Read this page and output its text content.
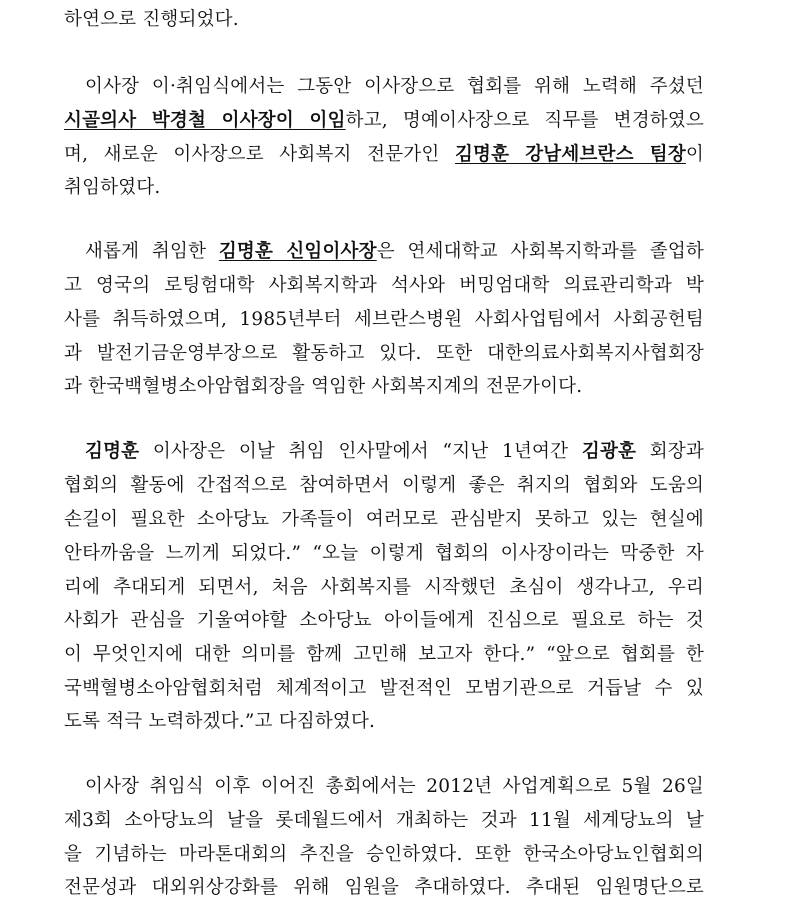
하연으로 진행되었다.
이사장 이·취임식에서는 그동안 이사장으로 협회를 위해 노력해 주셨던
시골의사 박경철 이사장이 이임하고, 명예이사장으로 직무를 변경하였으
며, 새로운 이사장으로 사회복지 전문가인 김명훈 강남세브란스 팀장이
취임하였다.
새롭게 취임한 김명훈 신임이사장은 연세대학교 사회복지학과를 졸업하
고 영국의 로팅험대학 사회복지학과 석사와 버밍엄대학 의료관리학과 박
사를 취득하였으며, 1985년부터 세브란스병원 사회사업팀에서 사회공헌팀
과 발전기금운영부장으로 활동하고 있다. 또한 대한의료사회복지사협회장
과 한국백혈병소아암협회장을 역임한 사회복지계의 전문가이다.
김명훈 이사장은 이날 취임 인사말에서 “지난 1년여간 김광훈 회장과
협회의 활동에 간접적으로 참여하면서 이렇게 좋은 취지의 협회와 도움의
손길이 필요한 소아당뇨 가족들이 여러모로 관심받지 못하고 있는 현실에
안타까움을 느끼게 되었다.” “오늘 이렇게 협회의 이사장이라는 막중한 자
리에 추대되게 되면서, 처음 사회복지를 시작했던 초심이 생각나고, 우리
사회가 관심을 기울여야할 소아당뇨 아이들에게 진심으로 필요로 하는 것
이 무엇인지에 대한 의미를 함께 고민해 보고자 한다.” “앞으로 협회를 한
국백혈병소아암협회처럼 체계적이고 발전적인 모범기관으로 거듭날 수 있
도록 적극 노력하겠다.”고 다짐하였다.
이사장 취임식 이후 이어진 총회에서는 2012년 사업계획으로 5월 26일
제3회 소아당뇨의 날을 롯데월드에서 개최하는 것과 11월 세계당뇨의 날
을 기념하는 마라톤대회의 추진을 승인하였다. 또한 한국소아당뇨인협회의
전문성과 대외위상강화를 위해 임원을 추대하였다. 추대된 임원명단으로
